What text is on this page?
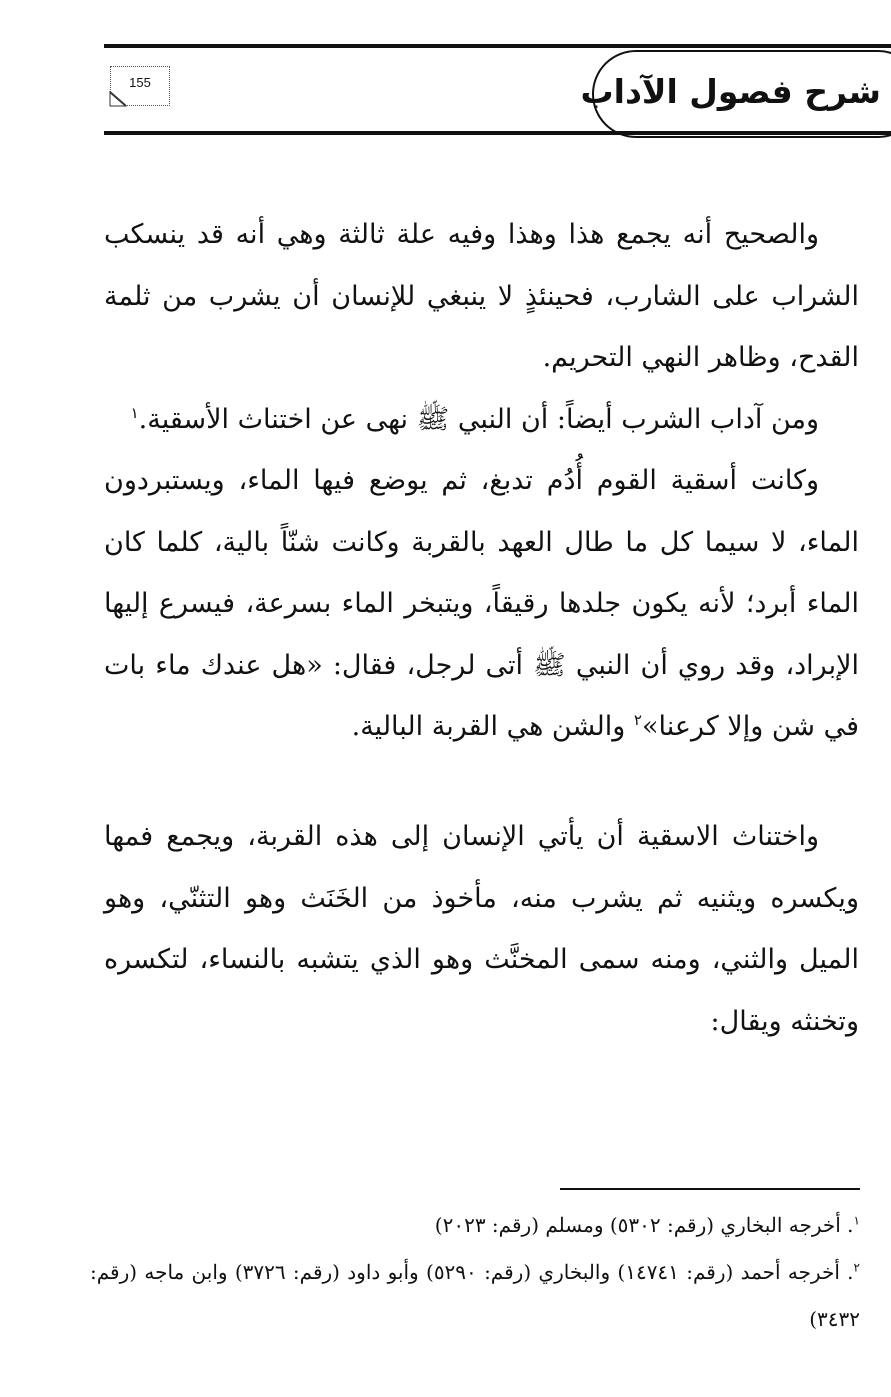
شرح فصول الآداب
155

والصحيح أنه يجمع هذا وهذا وفيه علة ثالثة وهي أنه قد ينسكب الشراب على الشارب، فحينئذٍ لا ينبغي للإنسان أن يشرب من ثلمة القدح، وظاهر النهي التحريم.

ومن آداب الشرب أيضاً: أن النبي ﷺ نهى عن اختناث الأسقية.$^١$

وكانت أسقية القوم أُدُم تدبغ، ثم يوضع فيها الماء، ويستبردون الماء، لا سيما كل ما طال العهد بالقربة وكانت شنّاً بالية، كلما كان الماء أبرد؛ لأنه يكون جلدها رقيقاً، ويتبخر الماء بسرعة، فيسرع إليها الإبراد، وقد روي أن النبي ﷺ أتى لرجل، فقال: «هل عندك ماء بات في شن وإلا كرعنا»$^٢$ والشن هي القربة البالية.

واختناث الاسقية أن يأتي الإنسان إلى هذه القربة، ويجمع فمها ويكسره ويثنيه ثم يشرب منه، مأخوذ من الخَنَث وهو التثنّي، وهو الميل والثني، ومنه سمى المخنَّث وهو الذي يتشبه بالنساء، لتكسره وتخنثه ويقال:

$^١$. أخرجه البخاري (رقم: ٥٣٠٢) ومسلم (رقم: ٢٠٢٣)

$^٢$. أخرجه أحمد (رقم: ١٤٧٤١) والبخاري (رقم: ٥٢٩٠) وأبو داود (رقم: ٣٧٢٦) وابن ماجه (رقم: ٣٤٣٢)
